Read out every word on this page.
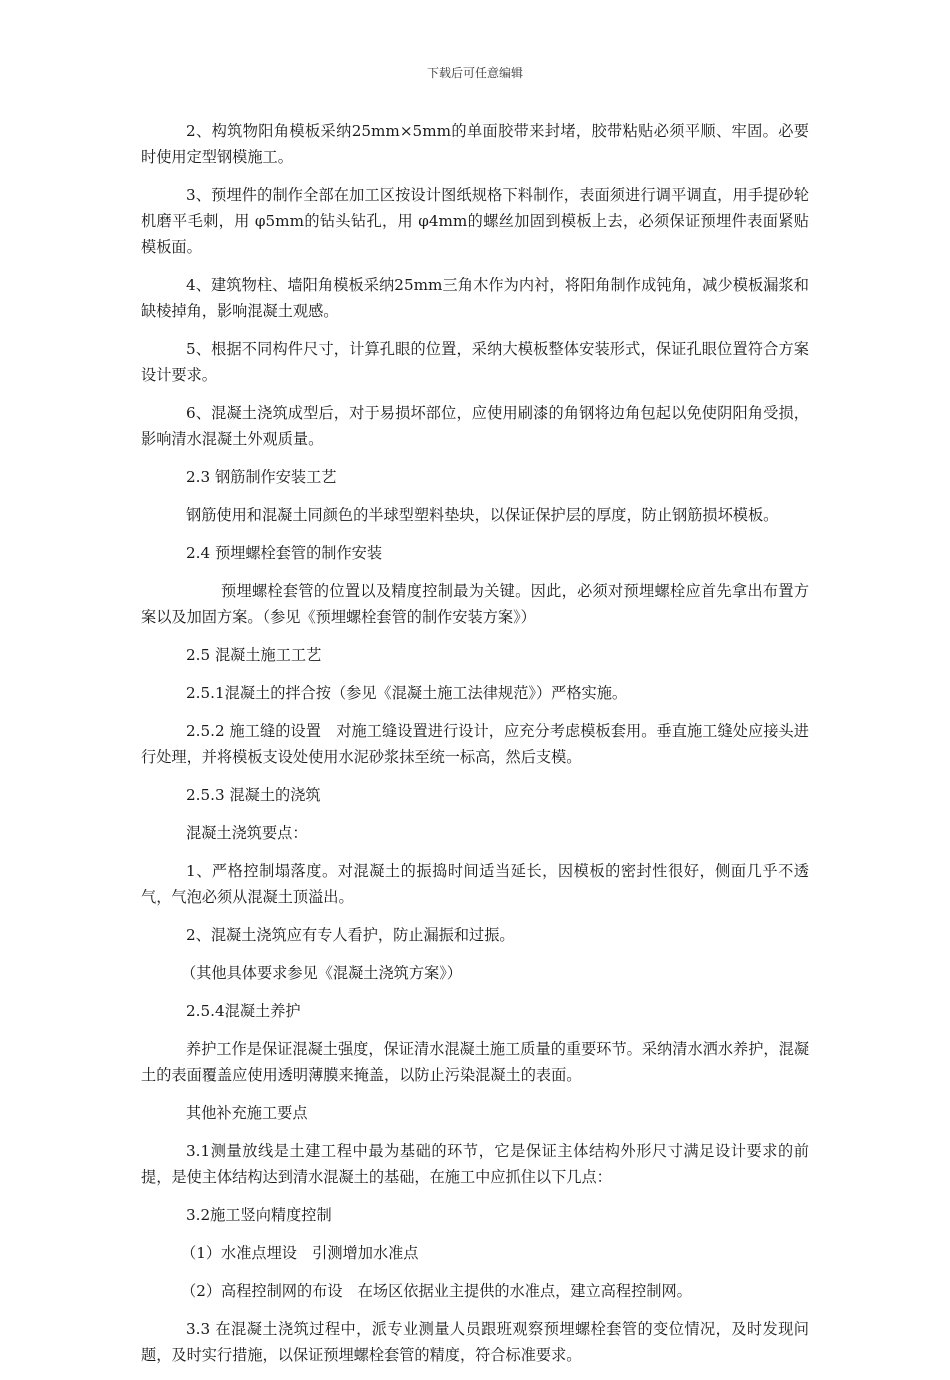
下载后可任意编辑

2、构筑物阳角模板采纳25mm×5mm的单面胶带来封堵，胶带粘贴必须平顺、牢固。必要时使用定型钢模施工。

3、预埋件的制作全部在加工区按设计图纸规格下料制作，表面须进行调平调直，用手提砂轮机磨平毛刺，用 φ5mm的钻头钻孔，用 φ4mm的螺丝加固到模板上去，必须保证预埋件表面紧贴模板面。

4、建筑物柱、墙阳角模板采纳25mm三角木作为内衬，将阳角制作成钝角，减少模板漏浆和缺棱掉角，影响混凝土观感。

5、根据不同构件尺寸，计算孔眼的位置，采纳大模板整体安装形式，保证孔眼位置符合方案设计要求。

6、混凝土浇筑成型后，对于易损坏部位，应使用刷漆的角钢将边角包起以免使阴阳角受损，影响清水混凝土外观质量。

2.3 钢筋制作安装工艺

钢筋使用和混凝土同颜色的半球型塑料垫块，以保证保护层的厚度，防止钢筋损坏模板。

2.4 预埋螺栓套管的制作安装

预埋螺栓套管的位置以及精度控制最为关键。因此，必须对预埋螺栓应首先拿出布置方案以及加固方案。（参见《预埋螺栓套管的制作安装方案》）

2.5 混凝土施工工艺

2.5.1混凝土的拌合按（参见《混凝土施工法律规范》）严格实施。

2.5.2 施工缝的设置　对施工缝设置进行设计，应充分考虑模板套用。垂直施工缝处应接头进行处理，并将模板支设处使用水泥砂浆抹至统一标高，然后支模。

2.5.3 混凝土的浇筑

混凝土浇筑要点：

1、严格控制塌落度。对混凝土的振捣时间适当延长，因模板的密封性很好，侧面几乎不透气，气泡必须从混凝土顶溢出。

2、混凝土浇筑应有专人看护，防止漏振和过振。

（其他具体要求参见《混凝土浇筑方案》）

2.5.4混凝土养护

养护工作是保证混凝土强度，保证清水混凝土施工质量的重要环节。采纳清水洒水养护，混凝土的表面覆盖应使用透明薄膜来掩盖，以防止污染混凝土的表面。

其他补充施工要点

3.1测量放线是土建工程中最为基础的环节，它是保证主体结构外形尺寸满足设计要求的前提，是使主体结构达到清水混凝土的基础，在施工中应抓住以下几点：

3.2施工竖向精度控制

（1）水准点埋设　引测增加水准点

（2）高程控制网的布设　在场区依据业主提供的水准点，建立高程控制网。

3.3 在混凝土浇筑过程中，派专业测量人员跟班观察预埋螺栓套管的变位情况，及时发现问题，及时实行措施，以保证预埋螺栓套管的精度，符合标准要求。
